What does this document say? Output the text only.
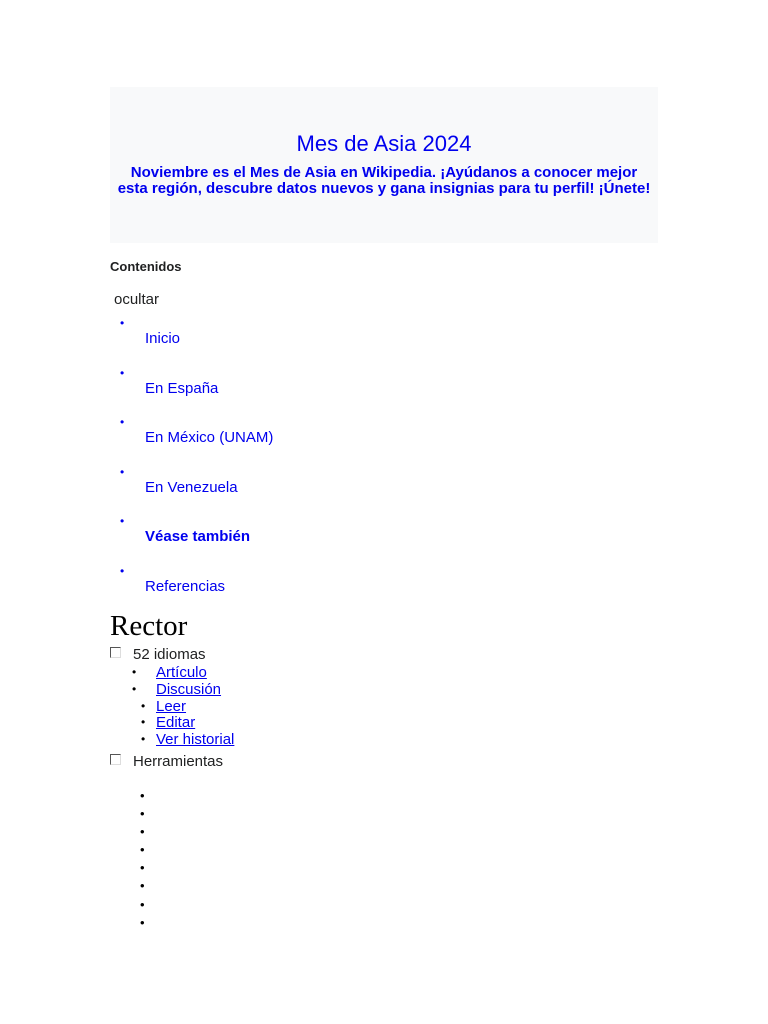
Mes de Asia 2024
Noviembre es el Mes de Asia en Wikipedia. ¡Ayúdanos a conocer mejor esta región, descubre datos nuevos y gana insignias para tu perfil! ¡Únete!
Contenidos
ocultar
•
Inicio
•
En España
•
En México (UNAM)
•
En Venezuela
•
Véase también
•
Referencias
Rector
52 idiomas
• Artículo
• Discusión
• Leer
• Editar
• Ver historial
Herramientas
•
•
•
•
•
•
•
•
